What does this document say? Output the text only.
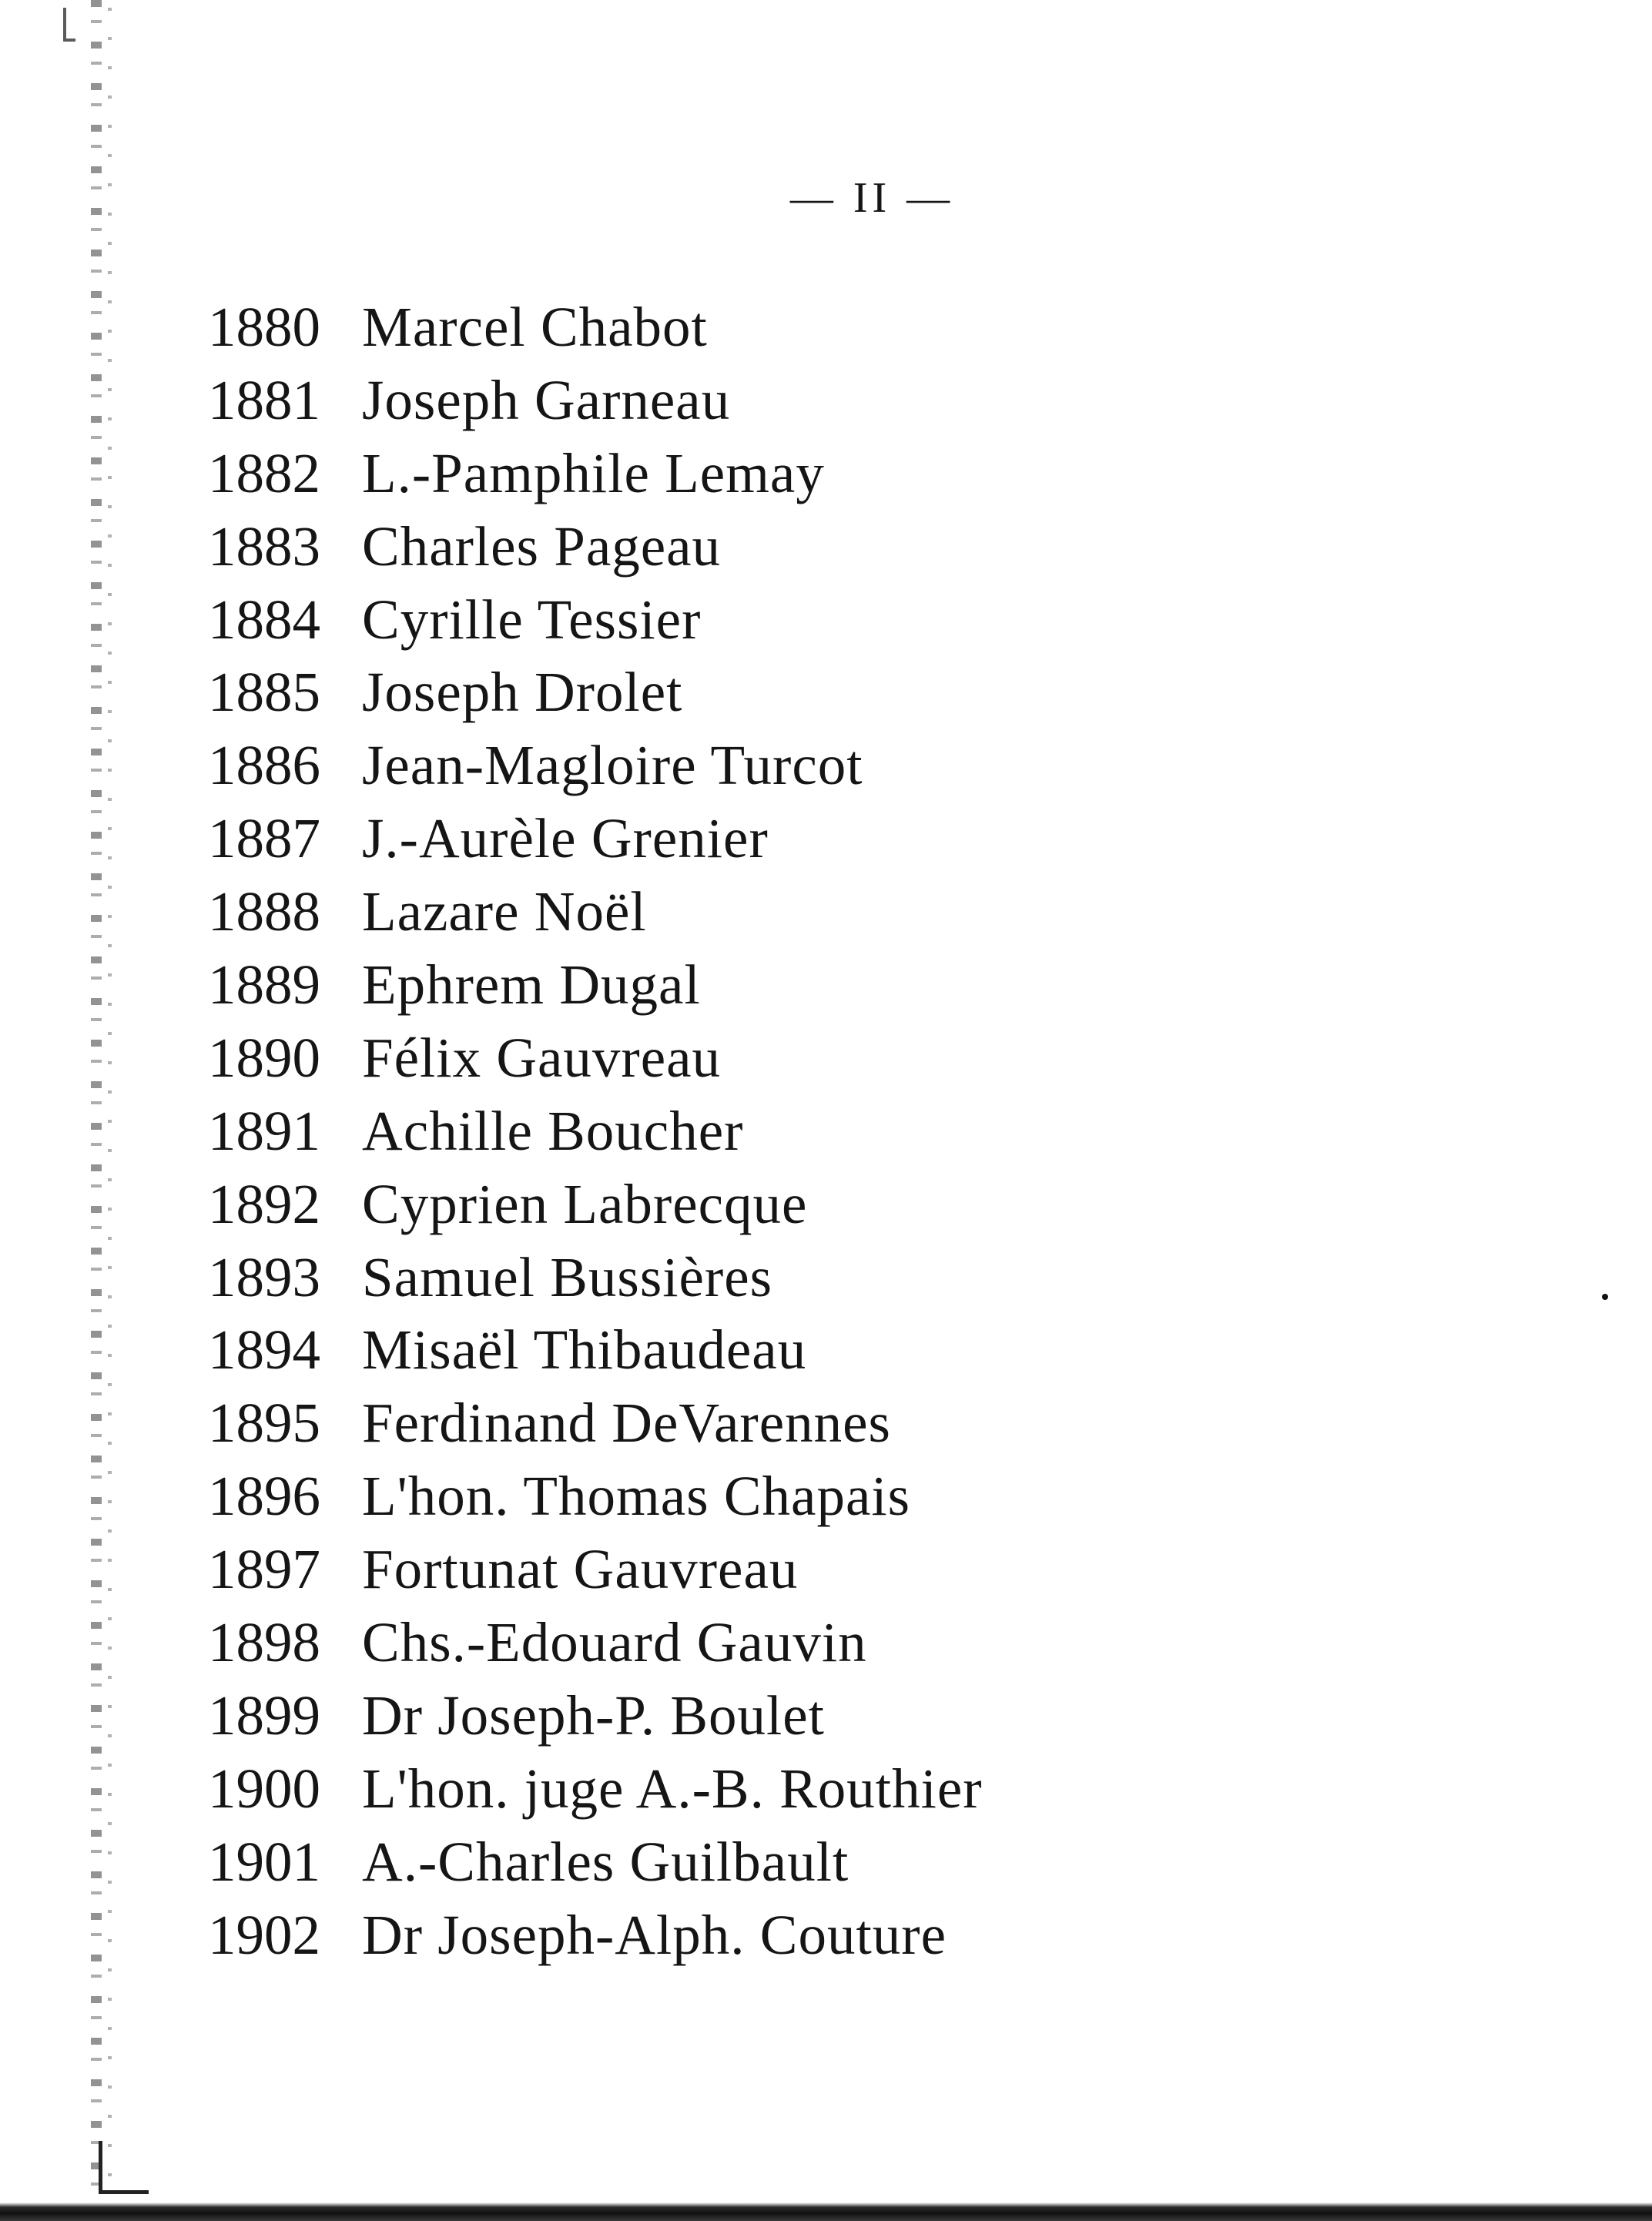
— II —
1880 Marcel Chabot
1881 Joseph Garneau
1882 L.-Pamphile Lemay
1883 Charles Pageau
1884 Cyrille Tessier
1885 Joseph Drolet
1886 Jean-Magloire Turcot
1887 J.-Aurèle Grenier
1888 Lazare Noël
1889 Ephrem Dugal
1890 Félix Gauvreau
1891 Achille Boucher
1892 Cyprien Labrecque
1893 Samuel Bussières
1894 Misaël Thibaudeau
1895 Ferdinand DeVarennes
1896 L'hon. Thomas Chapais
1897 Fortunat Gauvreau
1898 Chs.-Edouard Gauvin
1899 Dr Joseph-P. Boulet
1900 L'hon. juge A.-B. Routhier
1901 A.-Charles Guilbault
1902 Dr Joseph-Alph. Couture
